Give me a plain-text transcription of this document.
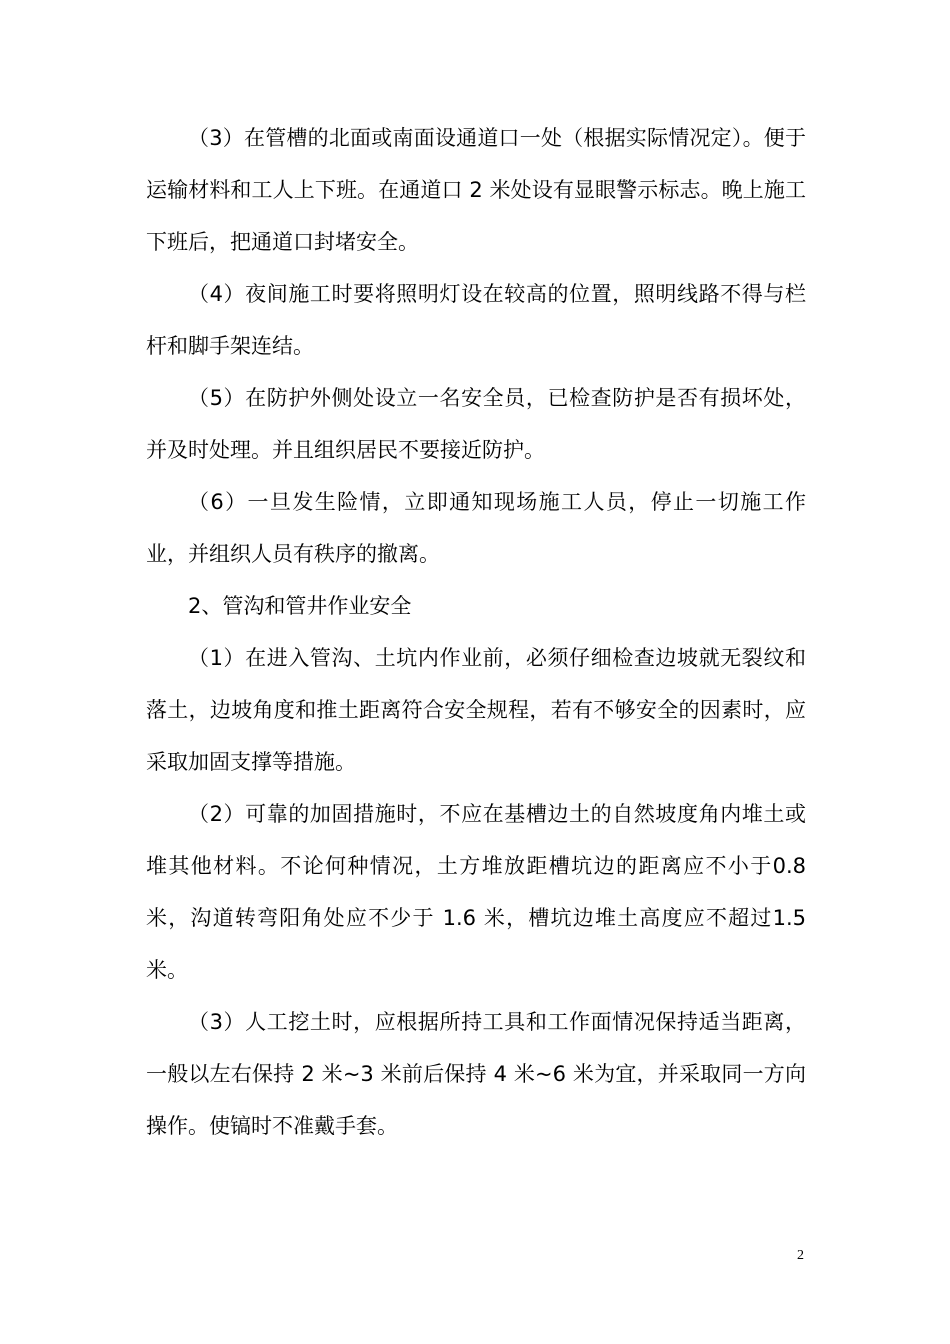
（3）在管槽的北面或南面设通道口一处（根据实际情况定）。便于运输材料和工人上下班。在通道口 2 米处设有显眼警示标志。晚上施工下班后，把通道口封堵安全。

（4）夜间施工时要将照明灯设在较高的位置，照明线路不得与栏杆和脚手架连结。

（5）在防护外侧处设立一名安全员，已检查防护是否有损坏处，并及时处理。并且组织居民不要接近防护。

（6）一旦发生险情，立即通知现场施工人员，停止一切施工作业，并组织人员有秩序的撤离。

2、管沟和管井作业安全

（1）在进入管沟、土坑内作业前，必须仔细检查边坡就无裂纹和落土，边坡角度和推土距离符合安全规程，若有不够安全的因素时，应采取加固支撑等措施。

（2）可靠的加固措施时，不应在基槽边土的自然坡度角内堆土或堆其他材料。不论何种情况，土方堆放距槽坑边的距离应不小于0.8 米，沟道转弯阳角处应不少于 1.6 米，槽坑边堆土高度应不超过1.5 米。

（3）人工挖土时，应根据所持工具和工作面情况保持适当距离，一般以左右保持 2 米~3 米前后保持 4 米~6 米为宜，并采取同一方向操作。使镐时不准戴手套。

2
